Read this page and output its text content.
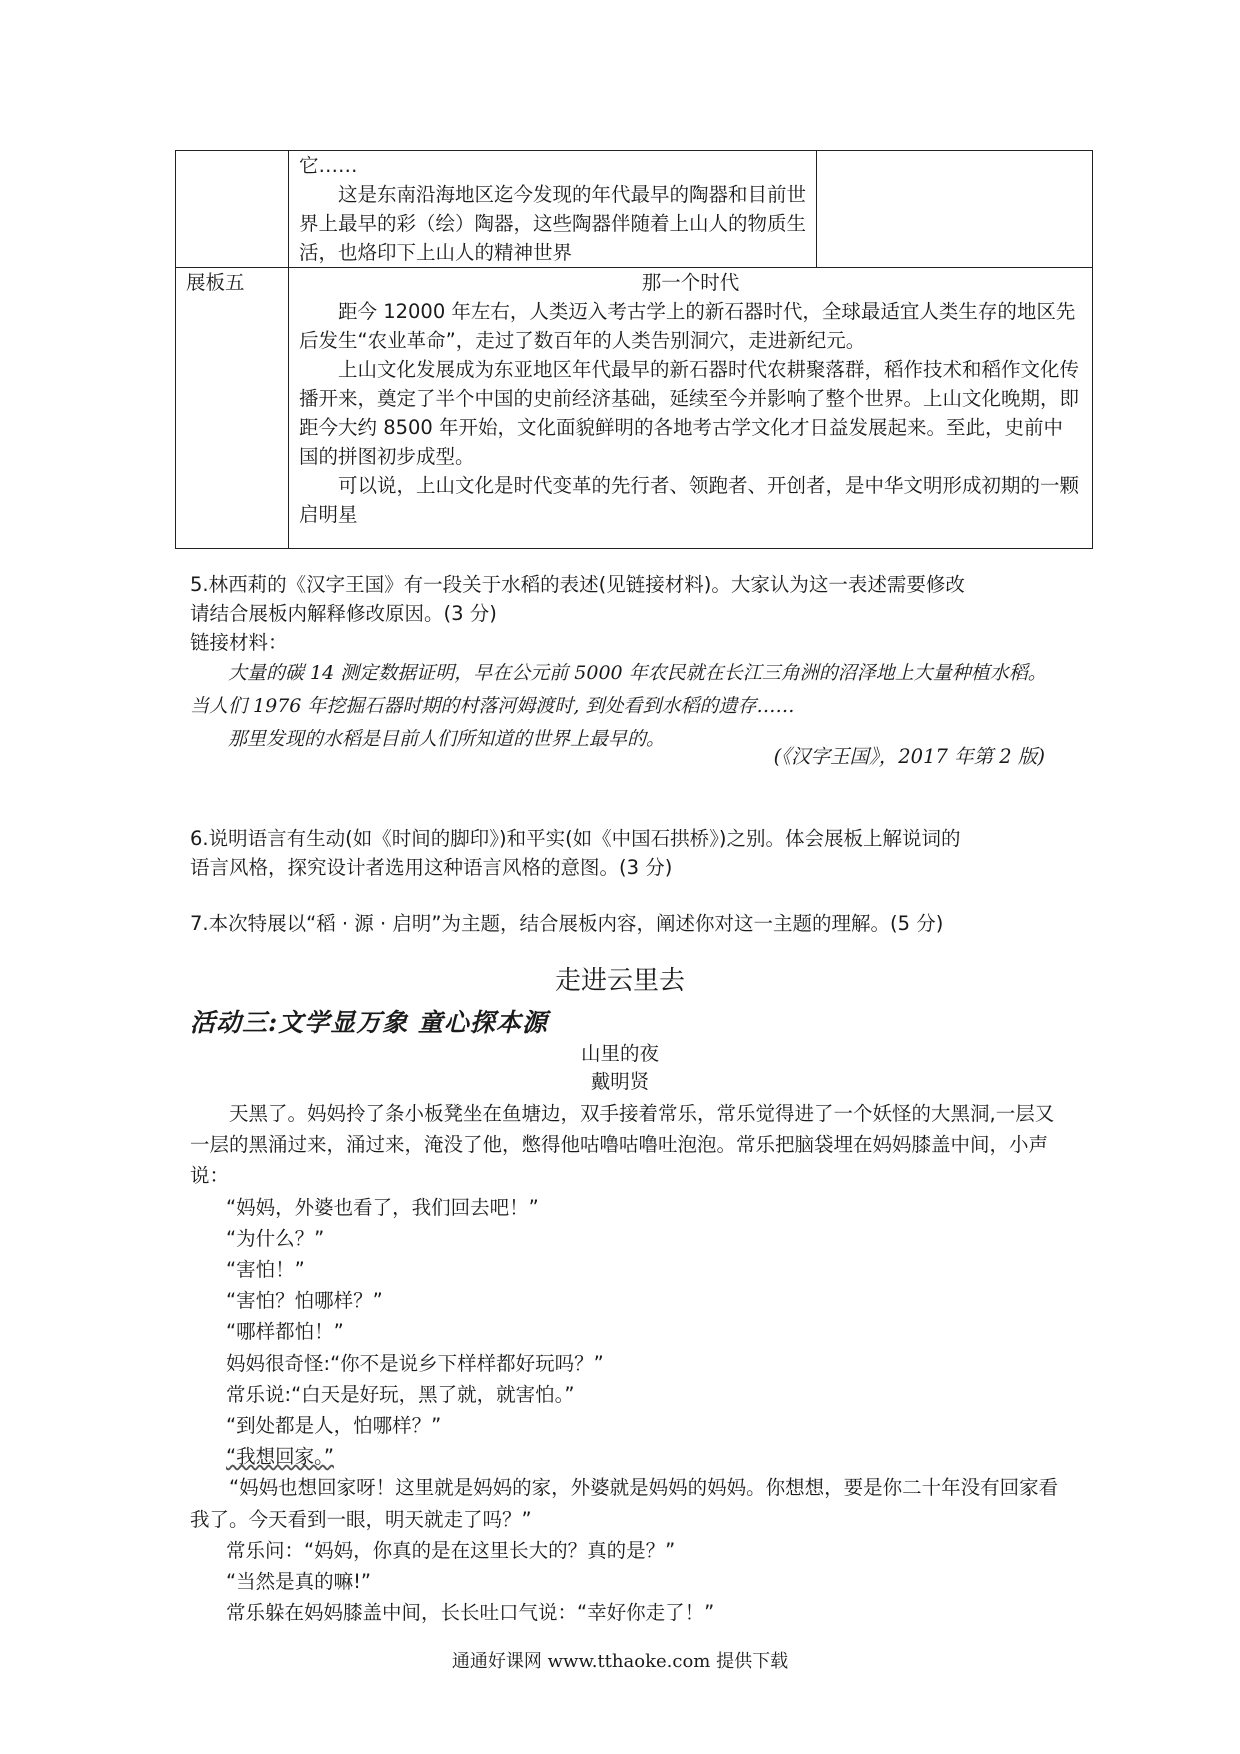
	它……

这是东南沿海地区迄今发现的年代最早的陶器和目前世界上最早的彩（绘）陶器，这些陶器伴随着上山人的物质生活，也烙印下上山人的精神世界	

展板五	那一个时代

距今 12000 年左右，人类迈入考古学上的新石器时代，全球最适宜人类生存的地区先后发生“农业革命”，走过了数百年的人类告别洞穴，走进新纪元。

上山文化发展成为东亚地区年代最早的新石器时代农耕聚落群，稻作技术和稻作文化传播开来，奠定了半个中国的史前经济基础，延续至今并影响了整个世界。上山文化晚期，即距今大约 8500 年开始，文化面貌鲜明的各地考古学文化才日益发展起来。至此，史前中国的拼图初步成型。

可以说，上山文化是时代变革的先行者、领跑者、开创者，是中华文明形成初期的一颗启明星	

5.林西莉的《汉字王国》有一段关于水稻的表述(见链接材料)。大家认为这一表述需要修改

请结合展板内解释修改原因。(3 分)

链接材料：

大量的碳 14 测定数据证明，早在公元前 5000 年农民就在长江三角洲的沼泽地上大量种植水稻。当人们 1976 年挖掘石器时期的村落河姆渡时, 到处看到水稻的遗存……

那里发现的水稻是目前人们所知道的世界上最早的。

(《汉字王国》，2017 年第 2 版)

6.说明语言有生动(如《时间的脚印》)和平实(如《中国石拱桥》)之别。体会展板上解说词的

语言风格，探究设计者选用这种语言风格的意图。(3 分)

7.本次特展以“稻 · 源 · 启明”为主题，结合展板内容，阐述你对这一主题的理解。(5 分)

走进云里去
活动三:文学显万象 童心探本源
山里的夜
戴明贤

天黑了。妈妈拎了条小板凳坐在鱼塘边，双手接着常乐，常乐觉得进了一个妖怪的大黑洞,一层又一层的黑涌过来，涌过来，淹没了他，憋得他咕噜咕噜吐泡泡。常乐把脑袋埋在妈妈膝盖中间，小声说：

“妈妈，外婆也看了，我们回去吧！”

“为什么？”

“害怕！”

“害怕？怕哪样？”

“哪样都怕！”

妈妈很奇怪:“你不是说乡下样样都好玩吗？”

常乐说:“白天是好玩，黑了就，就害怕。”

“到处都是人，怕哪样？”

“我想回家。”

“妈妈也想回家呀！这里就是妈妈的家，外婆就是妈妈的妈妈。你想想，要是你二十年没有回家看我了。今天看到一眼，明天就走了吗？”

常乐问：“妈妈，你真的是在这里长大的？真的是？”

“当然是真的嘛!”

常乐躲在妈妈膝盖中间，长长吐口气说：“幸好你走了！”

通通好课网 www.tthaoke.com 提供下载
